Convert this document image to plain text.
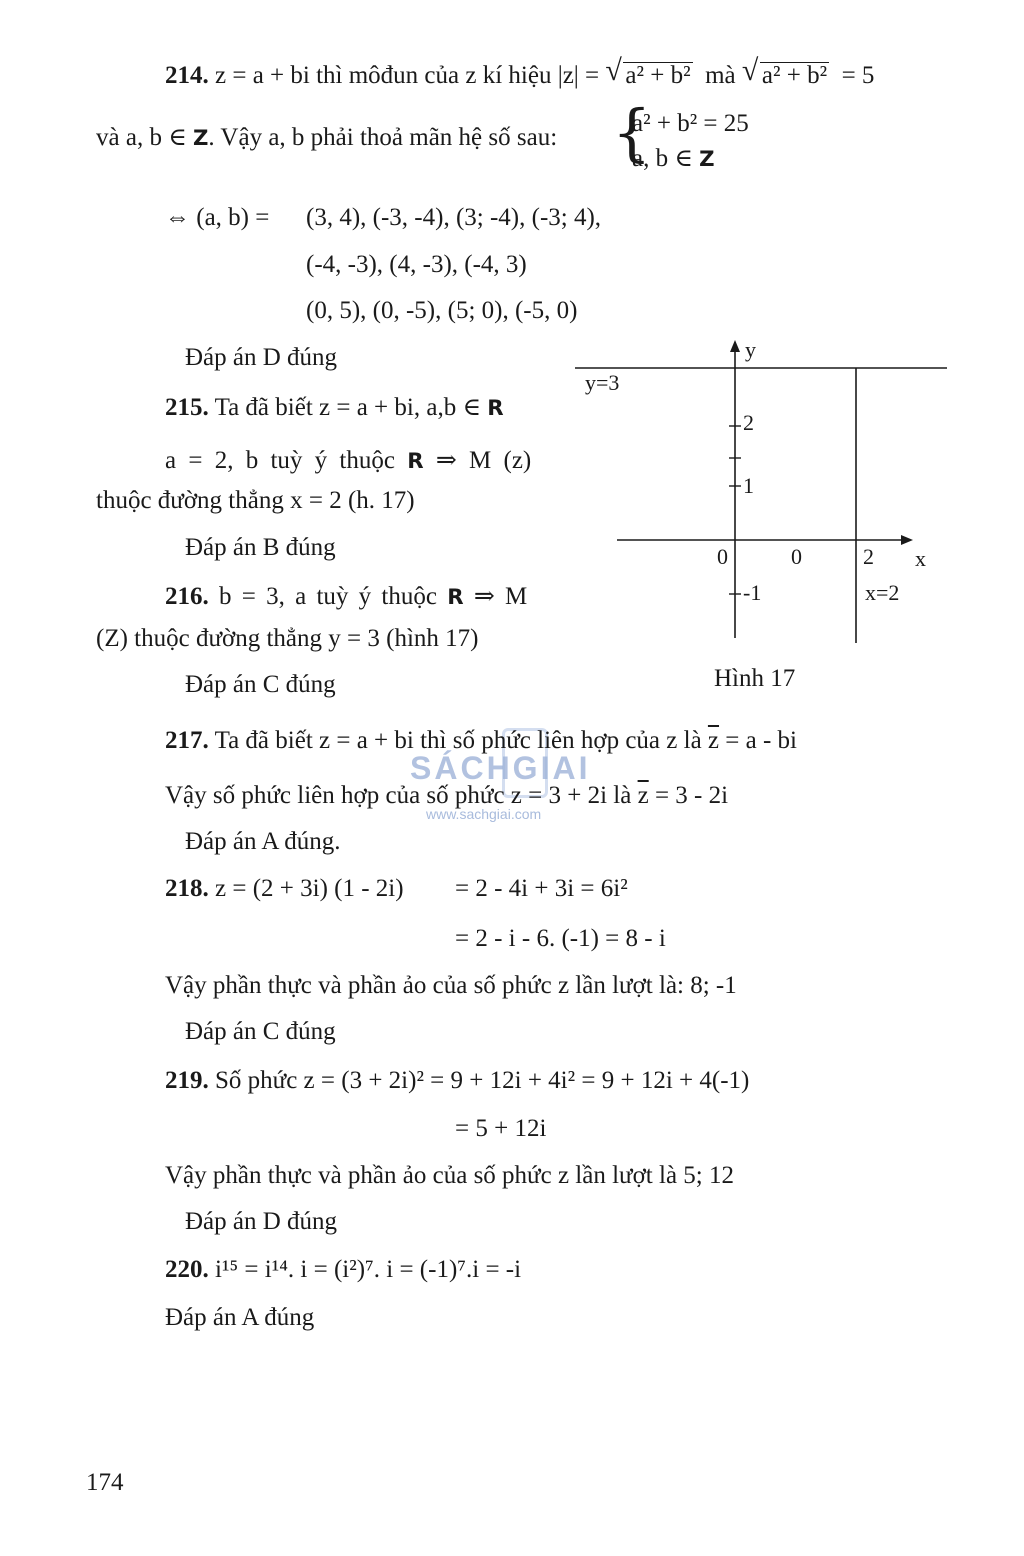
214. z = a + bi thì môđun của z kí hiệu |z| = √ a² + b² mà √ a² + b² = 5
và a, b ∈ Z. Vậy a, b phải thoả mãn hệ số sau: {
a² + b² = 25
a, b ∈ Z
⇔ (a, b) = (3, 4), (-3, -4), (3; -4), (-3; 4),
(-4, -3), (4, -3), (-4, 3)
(0, 5), (0, -5), (5; 0), (-5, 0)
Đáp án D đúng
215. Ta đã biết z = a + bi, a,b ∈ R
a = 2, b tuỳ ý thuộc R ⇒ M (z)
thuộc đường thẳng x = 2 (h. 17)
Đáp án B đúng
216. b = 3, a tuỳ ý thuộc R ⇒ M
(Z) thuộc đường thẳng y = 3 (hình 17)
Đáp án C đúng
y
y=3
2
1
0	0	2 x
-1	x=2
Hình 17
SÁCHGIAI
www.sachgiai.com
217. Ta đã biết z = a + bi thì số phức liên hợp của z là $\overline{z} = a$ - bi
Vậy số phức liên hợp của số phức z = 3 + 2i là $\overline{z} = 3 - 2i$
Đáp án A đúng.
218. z = (2 + 3i) (1 - 2i) = 2 - 4i + 3i = 6i²
= 2 - i - 6. (-1) = 8 - i
Vậy phần thực và phần ảo của số phức z lần lượt là: 8; -1
Đáp án C đúng
219. Số phức z = (3 + 2i)² = 9 + 12i + 4i² = 9 + 12i + 4(-1)
= 5 + 12i
Vậy phần thực và phần ảo của số phức z lần lượt là 5; 12
Đáp án D đúng
220. i¹⁵ = i¹⁴. i = (i²)⁷. i = (-1)⁷.i = -i
Đáp án A đúng
174
